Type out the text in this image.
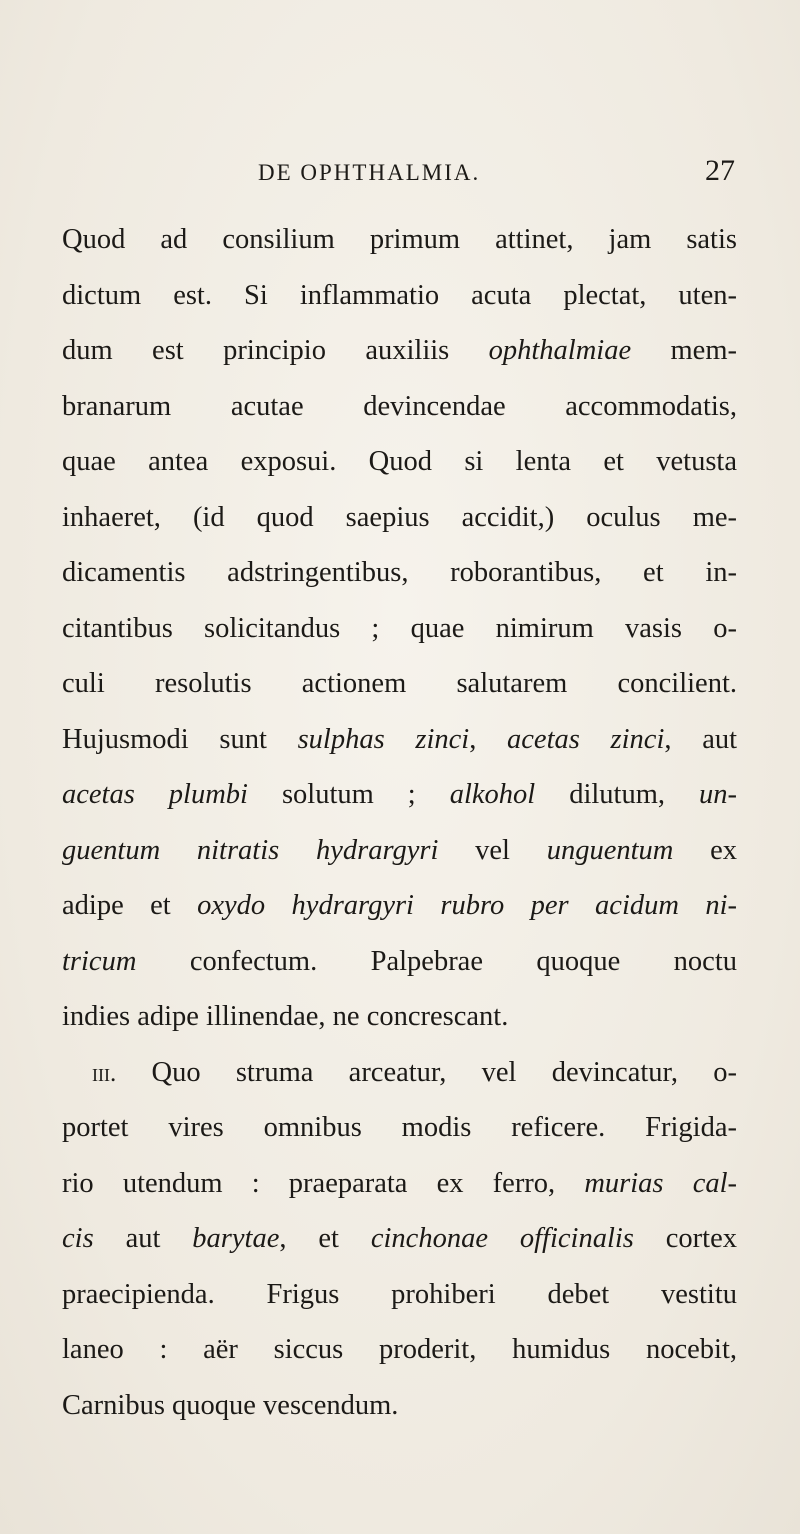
DE OPHTHALMIA.	27
Quod ad consilium primum attinet, jam satis
dictum est. Si inflammatio acuta plectat, uten-
dum est principio auxiliis ophthalmiae mem-
branarum acutae devincendae accommodatis,
quae antea exposui. Quod si lenta et vetusta
inhaeret, (id quod saepius accidit,) oculus me-
dicamentis adstringentibus, roborantibus, et in-
citantibus solicitandus ; quae nimirum vasis o-
culi resolutis actionem salutarem concilient.
Hujusmodi sunt sulphas zinci, acetas zinci, aut
acetas plumbi solutum ; alkohol dilutum, un-
guentum nitratis hydrargyri vel unguentum ex
adipe et oxydo hydrargyri rubro per acidum ni-
tricum confectum. Palpebrae quoque noctu
indies adipe illinendae, ne concrescant.
iii. Quo struma arceatur, vel devincatur, o-
portet vires omnibus modis reficere. Frigida-
rio utendum : praeparata ex ferro, murias cal-
cis aut barytae, et cinchonae officinalis cortex
praecipienda. Frigus prohiberi debet vestitu
laneo : aër siccus proderit, humidus nocebit,
Carnibus quoque vescendum.
